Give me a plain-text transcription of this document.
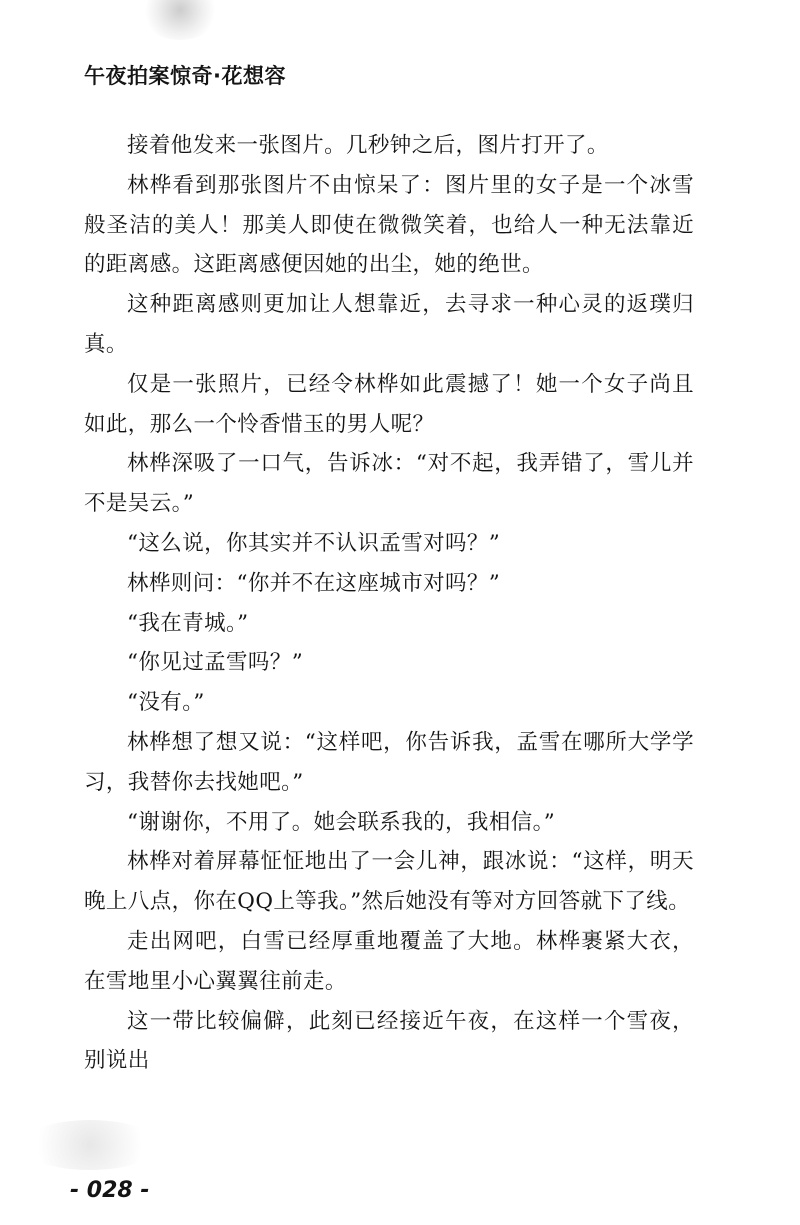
午夜拍案惊奇·花想容

接着他发来一张图片。几秒钟之后，图片打开了。

林桦看到那张图片不由惊呆了：图片里的女子是一个冰雪般圣洁的美人！那美人即使在微微笑着，也给人一种无法靠近的距离感。这距离感便因她的出尘，她的绝世。

这种距离感则更加让人想靠近，去寻求一种心灵的返璞归真。

仅是一张照片，已经令林桦如此震撼了！她一个女子尚且如此，那么一个怜香惜玉的男人呢？

林桦深吸了一口气，告诉冰：“对不起，我弄错了，雪儿并不是吴云。”

“这么说，你其实并不认识孟雪对吗？”

林桦则问：“你并不在这座城市对吗？”

“我在青城。”

“你见过孟雪吗？”

“没有。”

林桦想了想又说：“这样吧，你告诉我，孟雪在哪所大学学习，我替你去找她吧。”

“谢谢你，不用了。她会联系我的，我相信。”

林桦对着屏幕怔怔地出了一会儿神，跟冰说：“这样，明天晚上八点，你在QQ上等我。”然后她没有等对方回答就下了线。

走出网吧，白雪已经厚重地覆盖了大地。林桦裹紧大衣，在雪地里小心翼翼往前走。

这一带比较偏僻，此刻已经接近午夜，在这样一个雪夜，别说出

- 028 -
